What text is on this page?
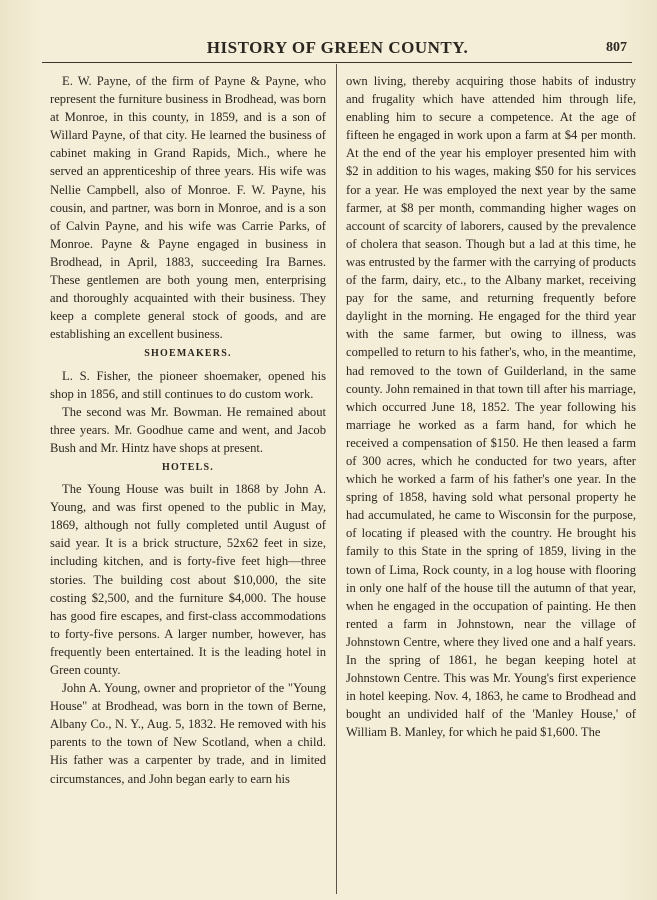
HISTORY OF GREEN COUNTY.	807

E. W. Payne, of the firm of Payne & Payne, who represent the furniture business in Brodhead, was born at Monroe, in this county, in 1859, and is a son of Willard Payne, of that city. He learned the business of cabinet making in Grand Rapids, Mich., where he served an apprenticeship of three years. His wife was Nellie Campbell, also of Monroe. F. W. Payne, his cousin, and partner, was born in Monroe, and is a son of Calvin Payne, and his wife was Carrie Parks, of Monroe. Payne & Payne engaged in business in Brodhead, in April, 1883, succeeding Ira Barnes. These gentlemen are both young men, enterprising and thoroughly acquainted with their business. They keep a complete general stock of goods, and are establishing an excellent business.

SHOEMAKERS.

L. S. Fisher, the pioneer shoemaker, opened his shop in 1856, and still continues to do custom work.

The second was Mr. Bowman. He remained about three years. Mr. Goodhue came and went, and Jacob Bush and Mr. Hintz have shops at present.

HOTELS.

The Young House was built in 1868 by John A. Young, and was first opened to the public in May, 1869, although not fully completed until August of said year. It is a brick structure, 52x62 feet in size, including kitchen, and is forty-five feet high—three stories. The building cost about $10,000, the site costing $2,500, and the furniture $4,000. The house has good fire escapes, and first-class accommodations to forty-five persons. A larger number, however, has frequently been entertained. It is the leading hotel in Green county.

John A. Young, owner and proprietor of the "Young House" at Brodhead, was born in the town of Berne, Albany Co., N. Y., Aug. 5, 1832. He removed with his parents to the town of New Scotland, when a child. His father was a carpenter by trade, and in limited circumstances, and John began early to earn his

own living, thereby acquiring those habits of industry and frugality which have attended him through life, enabling him to secure a competence. At the age of fifteen he engaged in work upon a farm at $4 per month. At the end of the year his employer presented him with $2 in addition to his wages, making $50 for his services for a year. He was employed the next year by the same farmer, at $8 per month, commanding higher wages on account of scarcity of laborers, caused by the prevalence of cholera that season. Though but a lad at this time, he was entrusted by the farmer with the carrying of products of the farm, dairy, etc., to the Albany market, receiving pay for the same, and returning frequently before daylight in the morning. He engaged for the third year with the same farmer, but owing to illness, was compelled to return to his father's, who, in the meantime, had removed to the town of Guilderland, in the same county. John remained in that town till after his marriage, which occurred June 18, 1852. The year following his marriage he worked as a farm hand, for which he received a compensation of $150. He then leased a farm of 300 acres, which he conducted for two years, after which he worked a farm of his father's one year. In the spring of 1858, having sold what personal property he had accumulated, he came to Wisconsin for the purpose, of locating if pleased with the country. He brought his family to this State in the spring of 1859, living in the town of Lima, Rock county, in a log house with flooring in only one half of the house till the autumn of that year, when he engaged in the occupation of painting. He then rented a farm in Johnstown, near the village of Johnstown Centre, where they lived one and a half years. In the spring of 1861, he began keeping hotel at Johnstown Centre. This was Mr. Young's first experience in hotel keeping. Nov. 4, 1863, he came to Brodhead and bought an undivided half of the 'Manley House,' of William B. Manley, for which he paid $1,600. The
